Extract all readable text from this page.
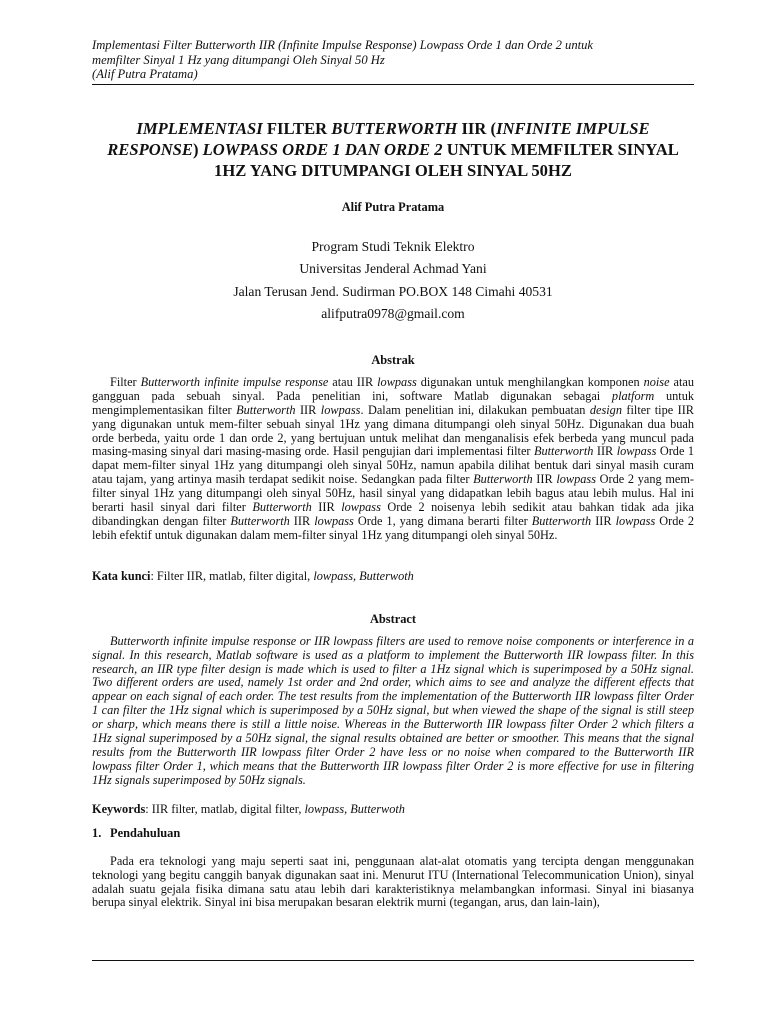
Implementasi Filter Butterworth IIR (Infinite Impulse Response) Lowpass Orde 1 dan Orde 2 untuk
memfilter Sinyal 1 Hz yang ditumpangi Oleh Sinyal 50 Hz
(Alif Putra Pratama)
IMPLEMENTASI FILTER BUTTERWORTH IIR (INFINITE IMPULSE RESPONSE) LOWPASS ORDE 1 DAN ORDE 2 UNTUK MEMFILTER SINYAL 1HZ YANG DITUMPANGI OLEH SINYAL 50HZ
Alif Putra Pratama
Program Studi Teknik Elektro
Universitas Jenderal Achmad Yani
Jalan Terusan Jend. Sudirman PO.BOX 148 Cimahi 40531
alifputra0978@gmail.com
Abstrak
Filter Butterworth infinite impulse response atau IIR lowpass digunakan untuk menghilangkan komponen noise atau gangguan pada sebuah sinyal. Pada penelitian ini, software Matlab digunakan sebagai platform untuk mengimplementasikan filter Butterworth IIR lowpass. Dalam penelitian ini, dilakukan pembuatan design filter tipe IIR yang digunakan untuk mem-filter sebuah sinyal 1Hz yang dimana ditumpangi oleh sinyal 50Hz. Digunakan dua buah orde berbeda, yaitu orde 1 dan orde 2, yang bertujuan untuk melihat dan menganalisis efek berbeda yang muncul pada masing-masing sinyal dari masing-masing orde. Hasil pengujian dari implementasi filter Butterworth IIR lowpass Orde 1 dapat mem-filter sinyal 1Hz yang ditumpangi oleh sinyal 50Hz, namun apabila dilihat bentuk dari sinyal masih curam atau tajam, yang artinya masih terdapat sedikit noise. Sedangkan pada filter Butterworth IIR lowpass Orde 2 yang mem-filter sinyal 1Hz yang ditumpangi oleh sinyal 50Hz, hasil sinyal yang didapatkan lebih bagus atau lebih mulus. Hal ini berarti hasil sinyal dari filter Butterworth IIR lowpass Orde 2 noisenya lebih sedikit atau bahkan tidak ada jika dibandingkan dengan filter Butterworth IIR lowpass Orde 1, yang dimana berarti filter Butterworth IIR lowpass Orde 2 lebih efektif untuk digunakan dalam mem-filter sinyal 1Hz yang ditumpangi oleh sinyal 50Hz.
Kata kunci: Filter IIR, matlab, filter digital, lowpass, Butterwoth
Abstract
Butterworth infinite impulse response or IIR lowpass filters are used to remove noise components or interference in a signal. In this research, Matlab software is used as a platform to implement the Butterworth IIR lowpass filter. In this research, an IIR type filter design is made which is used to filter a 1Hz signal which is superimposed by a 50Hz signal. Two different orders are used, namely 1st order and 2nd order, which aims to see and analyze the different effects that appear on each signal of each order. The test results from the implementation of the Butterworth IIR lowpass filter Order 1 can filter the 1Hz signal which is superimposed by a 50Hz signal, but when viewed the shape of the signal is still steep or sharp, which means there is still a little noise. Whereas in the Butterworth IIR lowpass filter Order 2 which filters a 1Hz signal superimposed by a 50Hz signal, the signal results obtained are better or smoother. This means that the signal results from the Butterworth IIR lowpass filter Order 2 have less or no noise when compared to the Butterworth IIR lowpass filter Order 1, which means that the Butterworth IIR lowpass filter Order 2 is more effective for use in filtering 1Hz signals superimposed by 50Hz signals.
Keywords: IIR filter, matlab, digital filter, lowpass, Butterwoth
1. Pendahuluan
Pada era teknologi yang maju seperti saat ini, penggunaan alat-alat otomatis yang tercipta dengan menggunakan teknologi yang begitu canggih banyak digunakan saat ini. Menurut ITU (International Telecommunication Union), sinyal adalah suatu gejala fisika dimana satu atau lebih dari karakteristiknya melambangkan informasi. Sinyal ini biasanya berupa sinyal elektrik. Sinyal ini bisa merupakan besaran elektrik murni (tegangan, arus, dan lain-lain),
